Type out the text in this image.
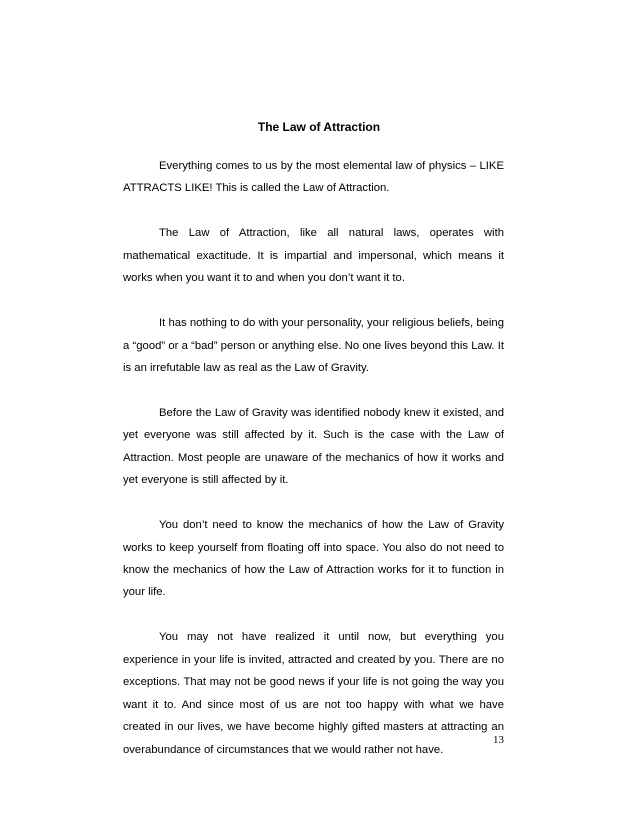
The Law of Attraction

Everything comes to us by the most elemental law of physics – LIKE ATTRACTS LIKE! This is called the Law of Attraction.

The Law of Attraction, like all natural laws, operates with mathematical exactitude. It is impartial and impersonal, which means it works when you want it to and when you don’t want it to.

It has nothing to do with your personality, your religious beliefs, being a “good” or a “bad” person or anything else. No one lives beyond this Law. It is an irrefutable law as real as the Law of Gravity.

Before the Law of Gravity was identified nobody knew it existed, and yet everyone was still affected by it. Such is the case with the Law of Attraction. Most people are unaware of the mechanics of how it works and yet everyone is still affected by it.

You don’t need to know the mechanics of how the Law of Gravity works to keep yourself from floating off into space. You also do not need to know the mechanics of how the Law of Attraction works for it to function in your life.

You may not have realized it until now, but everything you experience in your life is invited, attracted and created by you. There are no exceptions. That may not be good news if your life is not going the way you want it to. And since most of us are not too happy with what we have created in our lives, we have become highly gifted masters at attracting an overabundance of circumstances that we would rather not have.

13
